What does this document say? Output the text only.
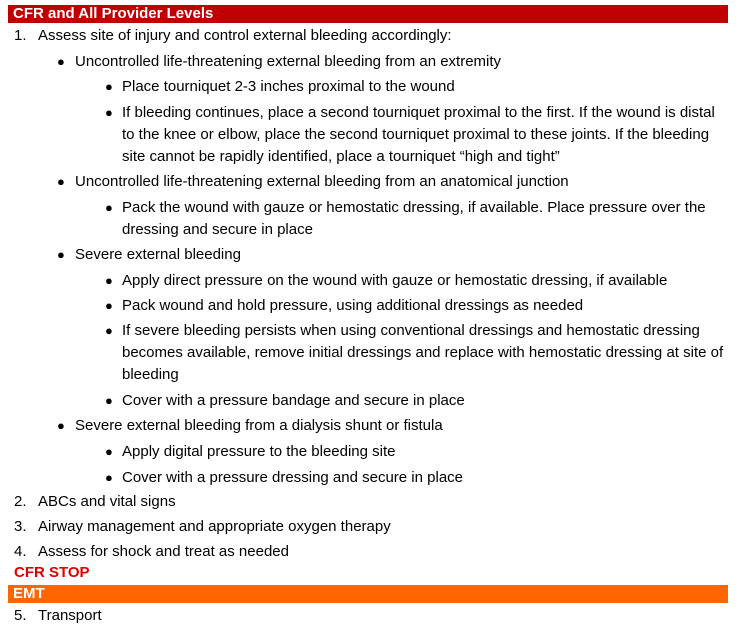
CFR and All Provider Levels
1. Assess site of injury and control external bleeding accordingly:
● Uncontrolled life-threatening external bleeding from an extremity
● Place tourniquet 2-3 inches proximal to the wound
● If bleeding continues, place a second tourniquet proximal to the first. If the wound is distal to the knee or elbow, place the second tourniquet proximal to these joints. If the bleeding site cannot be rapidly identified, place a tourniquet “high and tight”
● Uncontrolled life-threatening external bleeding from an anatomical junction
● Pack the wound with gauze or hemostatic dressing, if available. Place pressure over the dressing and secure in place
● Severe external bleeding
● Apply direct pressure on the wound with gauze or hemostatic dressing, if available
● Pack wound and hold pressure, using additional dressings as needed
● If severe bleeding persists when using conventional dressings and hemostatic dressing becomes available, remove initial dressings and replace with hemostatic dressing at site of bleeding
● Cover with a pressure bandage and secure in place
● Severe external bleeding from a dialysis shunt or fistula
● Apply digital pressure to the bleeding site
● Cover with a pressure dressing and secure in place
2. ABCs and vital signs
3. Airway management and appropriate oxygen therapy
4. Assess for shock and treat as needed
CFR STOP
EMT
5. Transport
